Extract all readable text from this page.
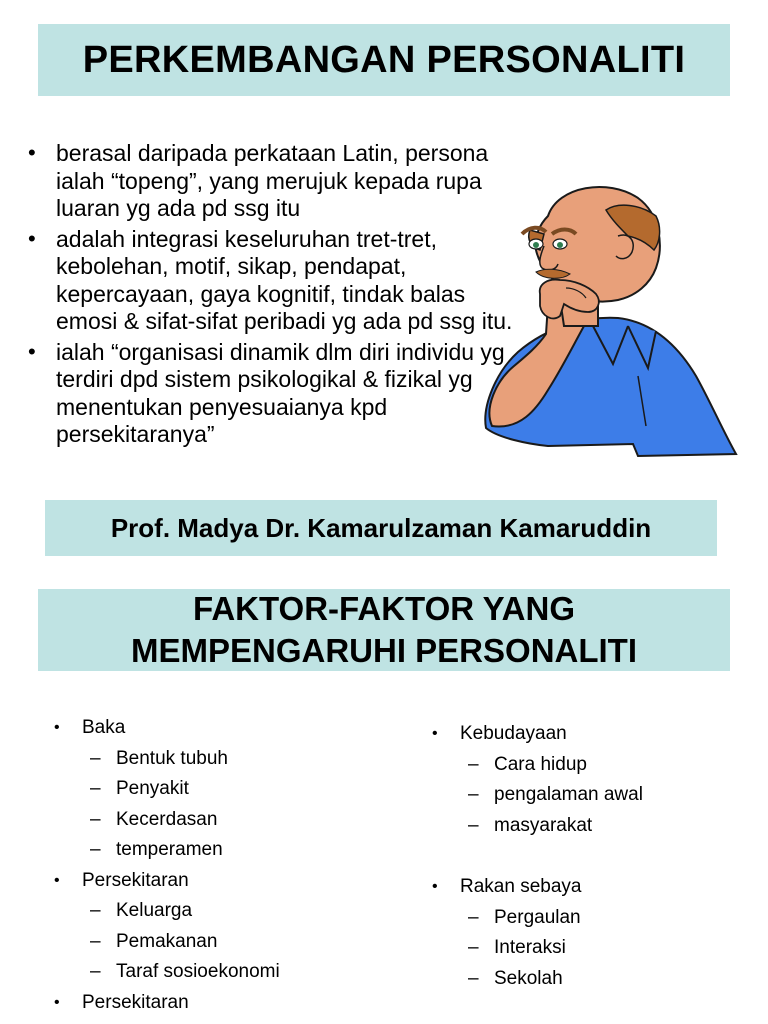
PERKEMBANGAN PERSONALITI
• berasal daripada perkataan Latin, persona ialah “topeng”, yang merujuk kepada rupa luaran yg ada pd ssg itu
• adalah integrasi keseluruhan tret-tret, kebolehan, motif, sikap, pendapat, kepercayaan, gaya kognitif, tindak balas emosi & sifat-sifat peribadi yg ada pd ssg itu.
• ialah “organisasi dinamik dlm diri individu yg terdiri dpd sistem psikologikal & fizikal yg menentukan penyesuaianya kpd persekitaranya”
Prof. Madya Dr. Kamarulzaman Kamaruddin
FAKTOR-FAKTOR YANG
MEMPENGARUHI PERSONALITI
• Baka
– Bentuk tubuh
– Penyakit
– Kecerdasan
– temperamen
• Persekitaran
– Keluarga
– Pemakanan
– Taraf sosioekonomi
• Persekitaran
• Kebudayaan
– Cara hidup
– pengalaman awal
– masyarakat
• Rakan sebaya
– Pergaulan
– Interaksi
– Sekolah
